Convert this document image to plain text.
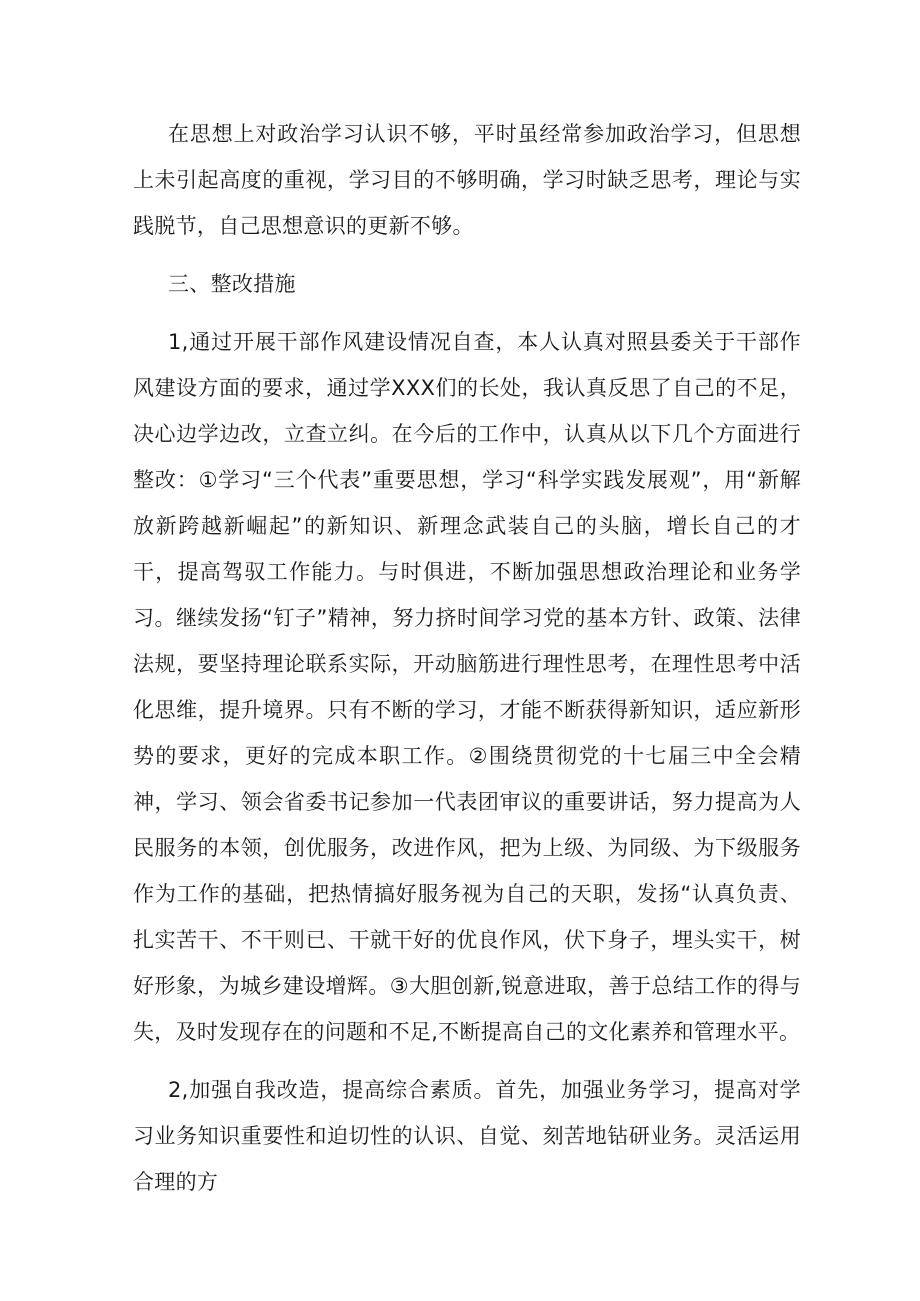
在思想上对政治学习认识不够，平时虽经常参加政治学习，但思想上未引起高度的重视，学习目的不够明确，学习时缺乏思考，理论与实践脱节，自己思想意识的更新不够。

三、整改措施

1,通过开展干部作风建设情况自查，本人认真对照县委关于干部作风建设方面的要求，通过学XXX们的长处，我认真反思了自己的不足，决心边学边改，立查立纠。在今后的工作中，认真从以下几个方面进行整改：①学习“三个代表”重要思想，学习“科学实践发展观”，用“新解放新跨越新崛起”的新知识、新理念武装自己的头脑，增长自己的才干，提高驾驭工作能力。与时俱进，不断加强思想政治理论和业务学习。继续发扬“钉子”精神，努力挤时间学习党的基本方针、政策、法律法规，要坚持理论联系实际，开动脑筋进行理性思考，在理性思考中活化思维，提升境界。只有不断的学习，才能不断获得新知识，适应新形势的要求，更好的完成本职工作。②围绕贯彻党的十七届三中全会精神，学习、领会省委书记参加一代表团审议的重要讲话，努力提高为人民服务的本领，创优服务，改进作风，把为上级、为同级、为下级服务作为工作的基础，把热情搞好服务视为自己的天职，发扬“认真负责、扎实苦干、不干则已、干就干好的优良作风，伏下身子，埋头实干，树好形象，为城乡建设增辉。③大胆创新,锐意进取，善于总结工作的得与失，及时发现存在的问题和不足,不断提高自己的文化素养和管理水平。

2,加强自我改造，提高综合素质。首先，加强业务学习，提高对学习业务知识重要性和迫切性的认识、自觉、刻苦地钻研业务。灵活运用合理的方
